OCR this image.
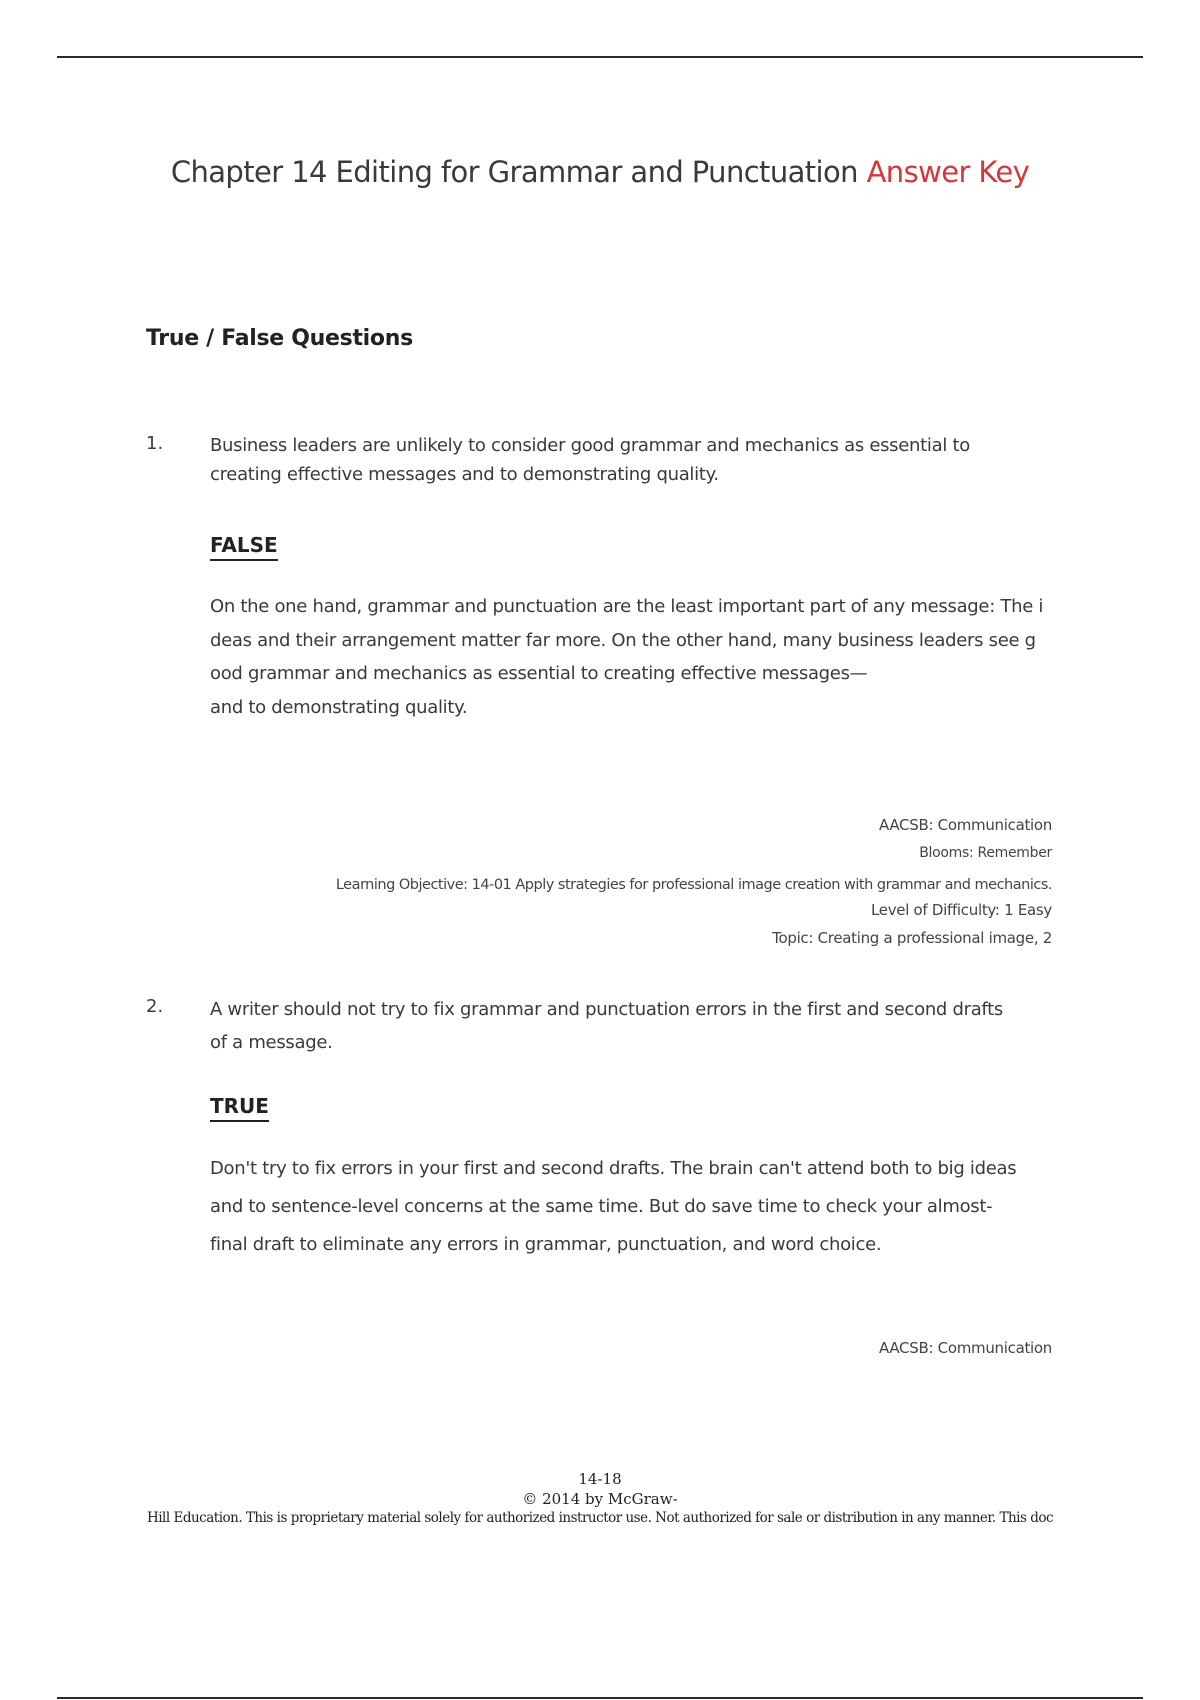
Chapter 14 Editing for Grammar and Punctuation Answer Key
True / False Questions
1.	Business leaders are unlikely to consider good grammar and mechanics as essential to
creating effective messages and to demonstrating quality.
FALSE
On the one hand, grammar and punctuation are the least important part of any message: The i
deas and their arrangement matter far more. On the other hand, many business leaders see g
ood grammar and mechanics as essential to creating effective messages—
and to demonstrating quality.
AACSB: Communication
Blooms: Remember
Learning Objective: 14-01 Apply strategies for professional image creation with grammar and mechanics.
Level of Difficulty: 1 Easy
Topic: Creating a professional image, 2
2.	A writer should not try to fix grammar and punctuation errors in the first and second drafts
of a message.
TRUE
Don't try to fix errors in your first and second drafts. The brain can't attend both to big ideas
and to sentence-level concerns at the same time. But do save time to check your almost-
final draft to eliminate any errors in grammar, punctuation, and word choice.
AACSB: Communication
14-18
© 2014 by McGraw-
Hill Education. This is proprietary material solely for authorized instructor use. Not authorized for sale or distribution in any manner. This doc
